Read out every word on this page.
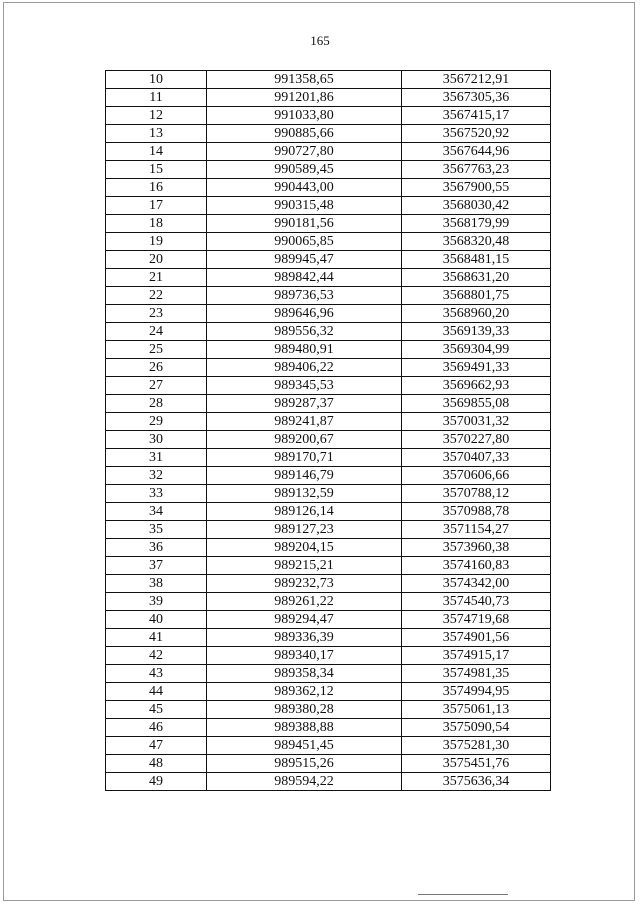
165
10	991358,65	3567212,91
11	991201,86	3567305,36
12	991033,80	3567415,17
13	990885,66	3567520,92
14	990727,80	3567644,96
15	990589,45	3567763,23
16	990443,00	3567900,55
17	990315,48	3568030,42
18	990181,56	3568179,99
19	990065,85	3568320,48
20	989945,47	3568481,15
21	989842,44	3568631,20
22	989736,53	3568801,75
23	989646,96	3568960,20
24	989556,32	3569139,33
25	989480,91	3569304,99
26	989406,22	3569491,33
27	989345,53	3569662,93
28	989287,37	3569855,08
29	989241,87	3570031,32
30	989200,67	3570227,80
31	989170,71	3570407,33
32	989146,79	3570606,66
33	989132,59	3570788,12
34	989126,14	3570988,78
35	989127,23	3571154,27
36	989204,15	3573960,38
37	989215,21	3574160,83
38	989232,73	3574342,00
39	989261,22	3574540,73
40	989294,47	3574719,68
41	989336,39	3574901,56
42	989340,17	3574915,17
43	989358,34	3574981,35
44	989362,12	3574994,95
45	989380,28	3575061,13
46	989388,88	3575090,54
47	989451,45	3575281,30
48	989515,26	3575451,76
49	989594,22	3575636,34
